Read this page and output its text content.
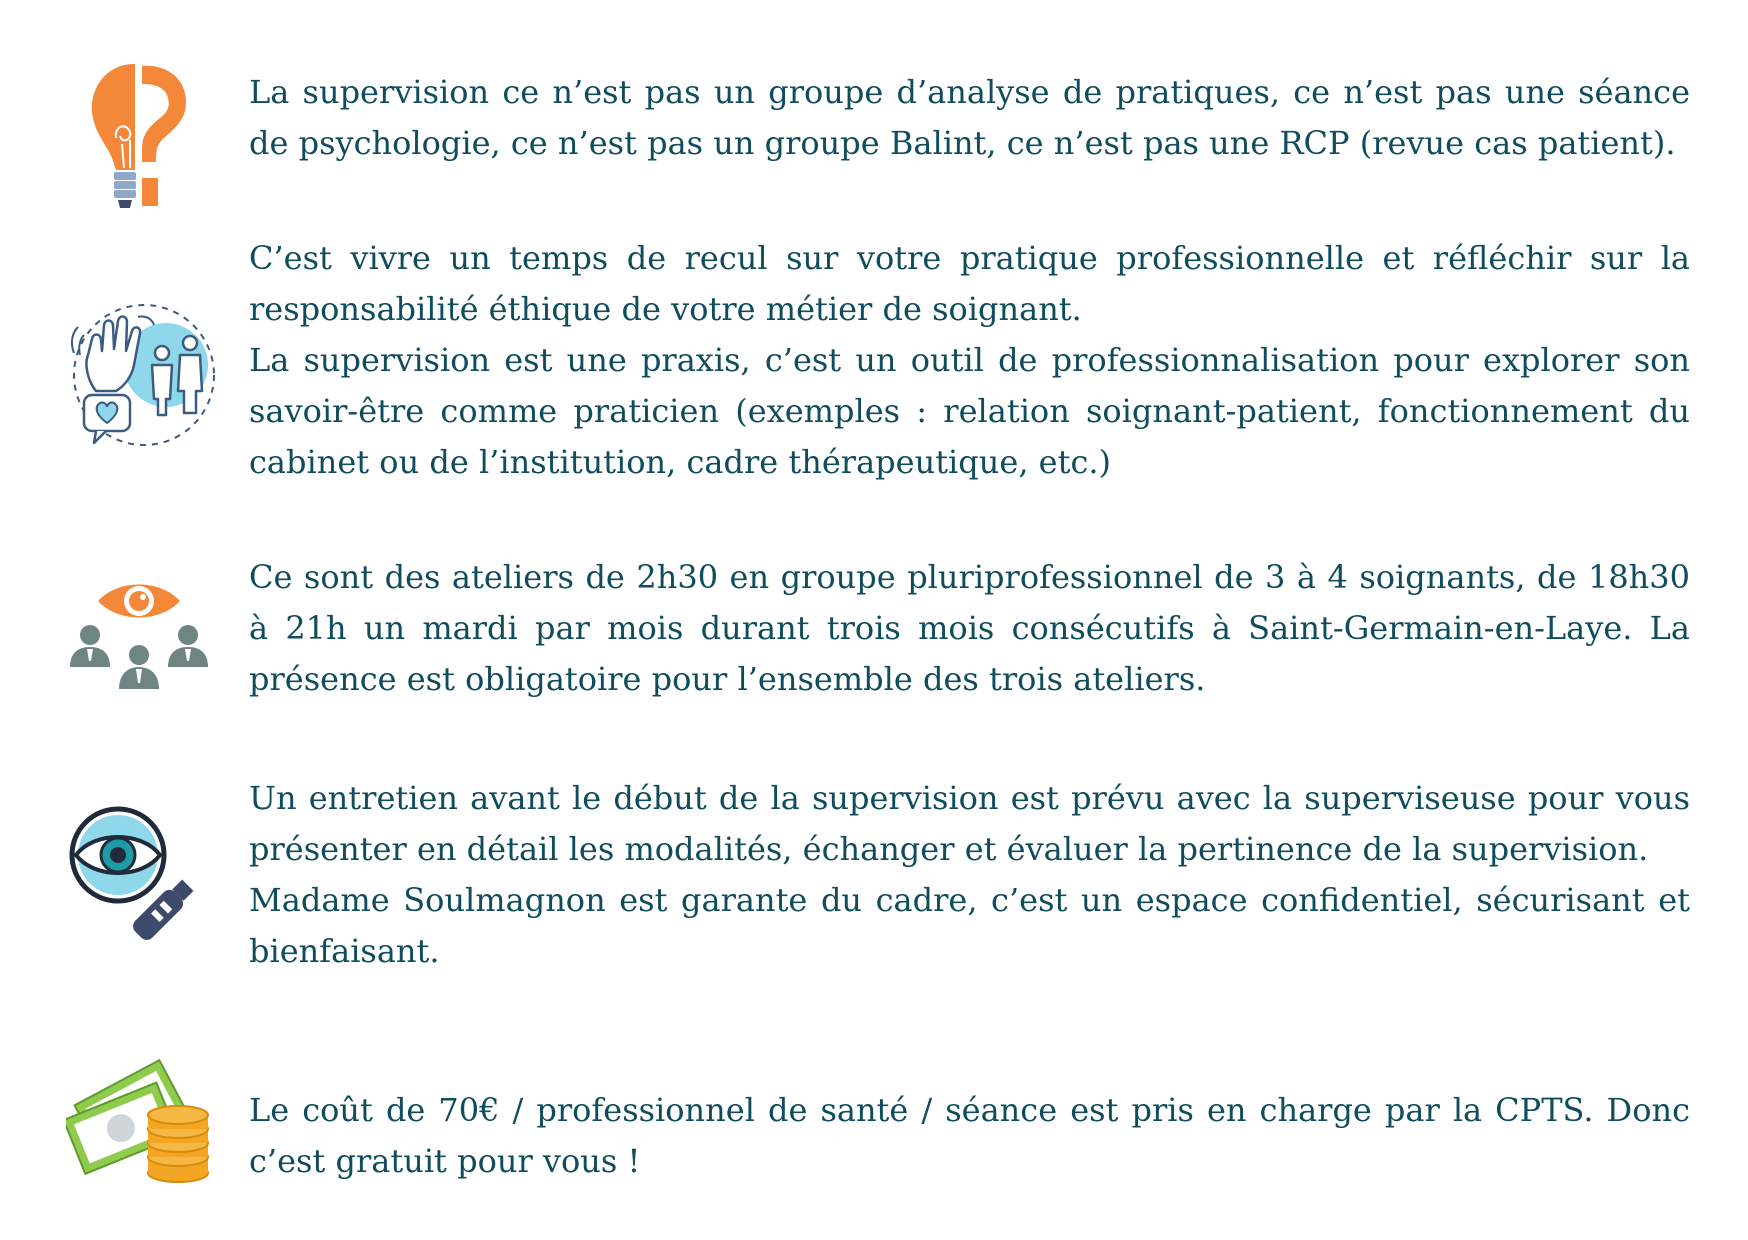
La supervision ce n’est pas un groupe d’analyse de pratiques, ce n’est pas une séance de psychologie, ce n’est pas un groupe Balint, ce n’est pas une RCP (revue cas patient).

C’est vivre un temps de recul sur votre pratique professionnelle et réfléchir sur la responsabilité éthique de votre métier de soignant.

La supervision est une praxis, c’est un outil de professionnalisation pour explorer son savoir-être comme praticien (exemples : relation soignant-patient, fonctionnement du cabinet ou de l’institution, cadre thérapeutique, etc.)

Ce sont des ateliers de 2h30 en groupe pluriprofessionnel de 3 à 4 soignants, de 18h30 à 21h un mardi par mois durant trois mois consécutifs à Saint-Germain-en-Laye. La présence est obligatoire pour l’ensemble des trois ateliers.

Un entretien avant le début de la supervision est prévu avec la superviseuse pour vous présenter en détail les modalités, échanger et évaluer la pertinence de la supervision.

Madame Soulmagnon est garante du cadre, c’est un espace confidentiel, sécurisant et bienfaisant.

Le coût de 70€ / professionnel de santé / séance est pris en charge par la CPTS. Donc c’est gratuit pour vous !
